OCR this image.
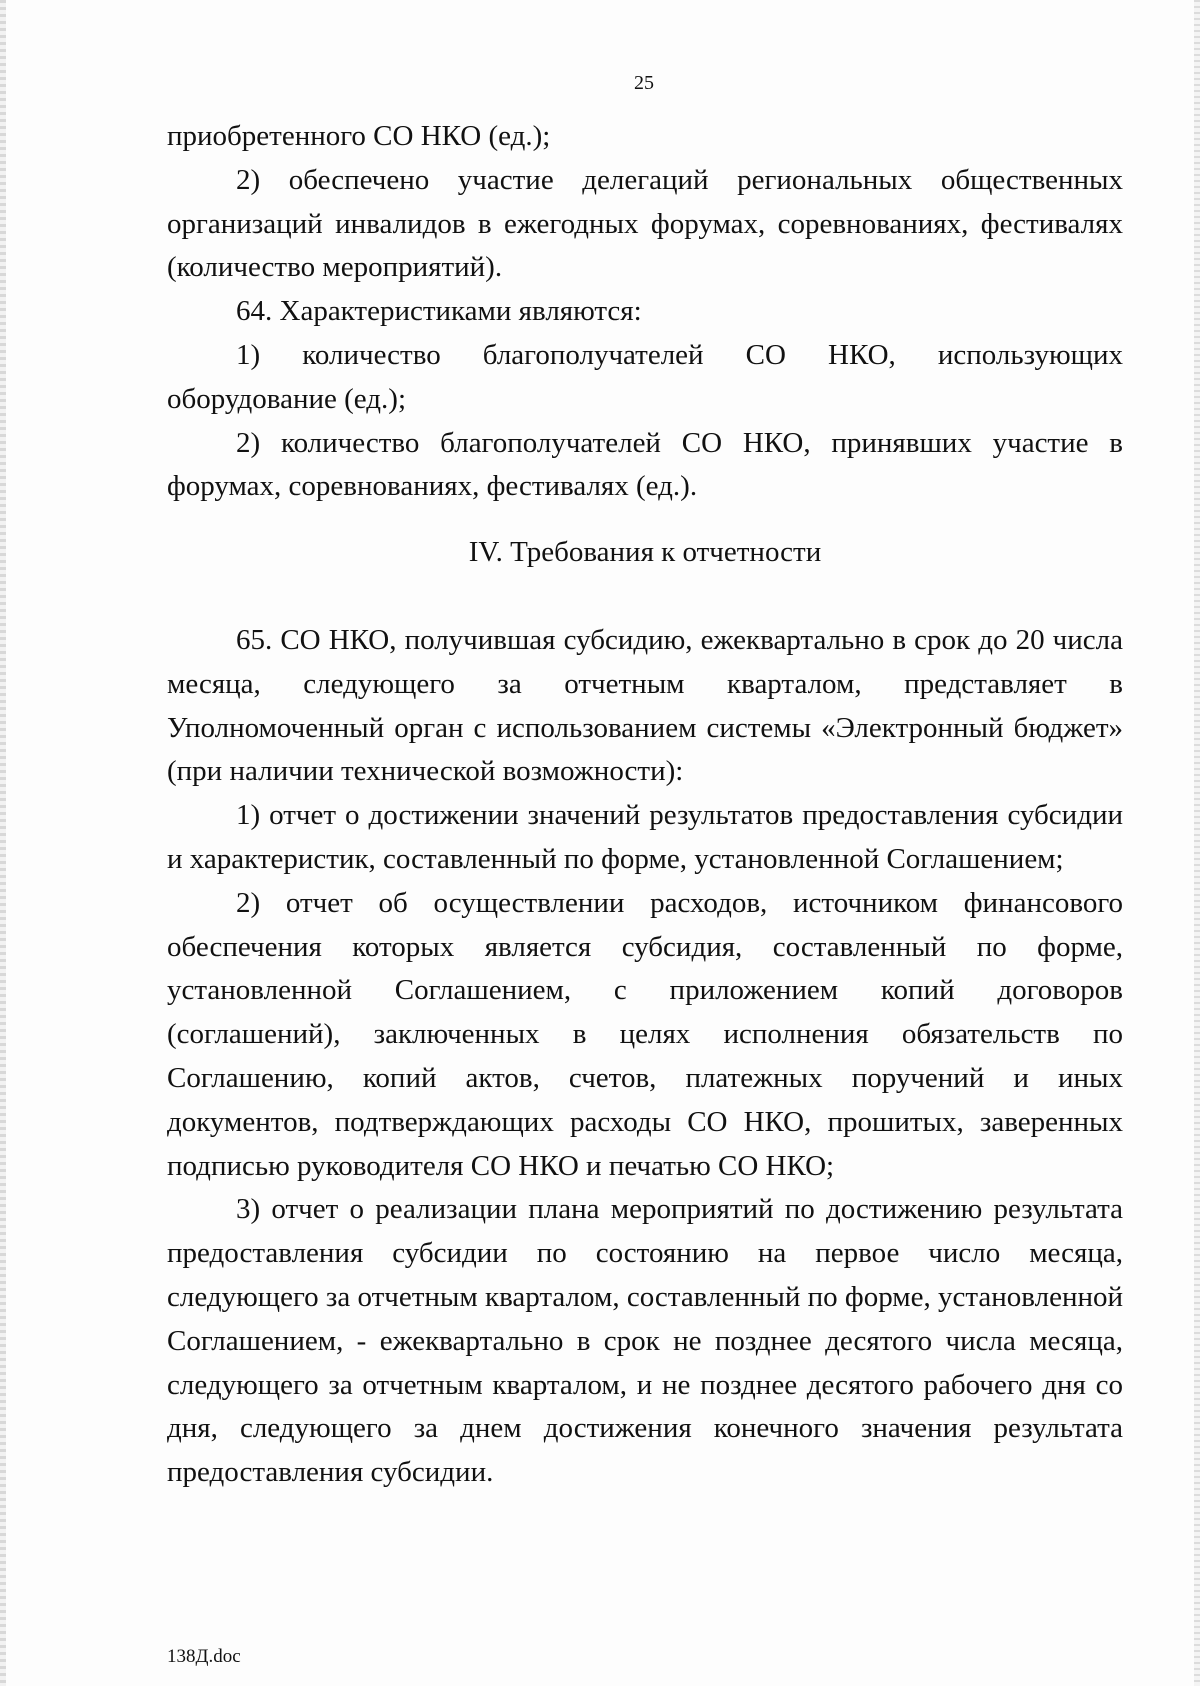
25

приобретенного СО НКО (ед.);

2) обеспечено участие делегаций региональных общественных организаций инвалидов в ежегодных форумах, соревнованиях, фестивалях (количество мероприятий).

64. Характеристиками являются:

1) количество благополучателей СО НКО, использующих оборудование (ед.);

2) количество благополучателей СО НКО, принявших участие в форумах, соревнованиях, фестивалях (ед.).

IV. Требования к отчетности

65. СО НКО, получившая субсидию, ежеквартально в срок до 20 числа месяца, следующего за отчетным кварталом, представляет в Уполномоченный орган с использованием системы «Электронный бюджет» (при наличии технической возможности):

1) отчет о достижении значений результатов предоставления субсидии и характеристик, составленный по форме, установленной Соглашением;

2) отчет об осуществлении расходов, источником финансового обеспечения которых является субсидия, составленный по форме, установленной Соглашением, с приложением копий договоров (соглашений), заключенных в целях исполнения обязательств по Соглашению, копий актов, счетов, платежных поручений и иных документов, подтверждающих расходы СО НКО, прошитых, заверенных подписью руководителя СО НКО и печатью СО НКО;

3) отчет о реализации плана мероприятий по достижению результата предоставления субсидии по состоянию на первое число месяца, следующего за отчетным кварталом, составленный по форме, установленной Соглашением, - ежеквартально в срок не позднее десятого числа месяца, следующего за отчетным кварталом, и не позднее десятого рабочего дня со дня, следующего за днем достижения конечного значения результата предоставления субсидии.

138Д.doc
